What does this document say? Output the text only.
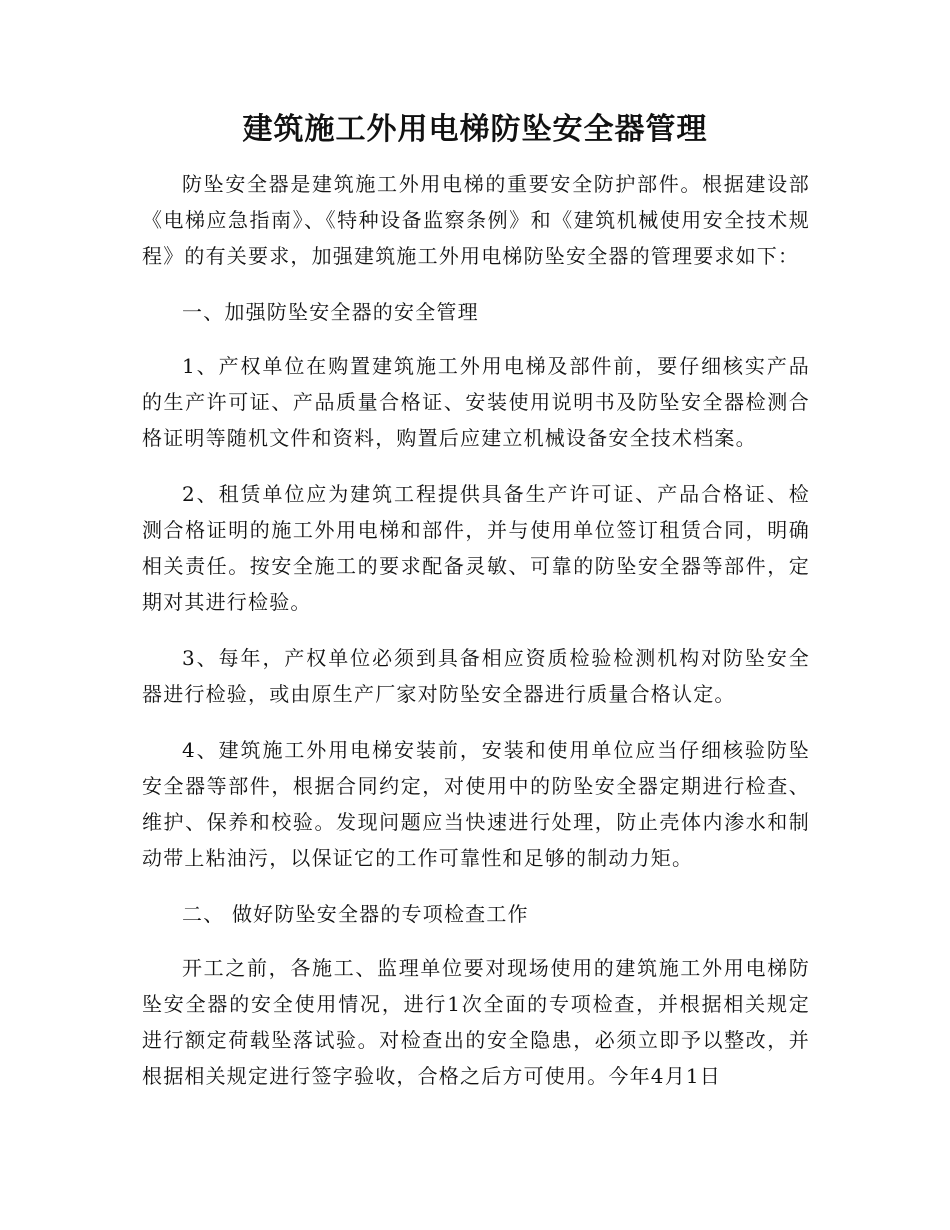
建筑施工外用电梯防坠安全器管理

防坠安全器是建筑施工外用电梯的重要安全防护部件。根据建设部《电梯应急指南》、《特种设备监察条例》和《建筑机械使用安全技术规程》的有关要求，加强建筑施工外用电梯防坠安全器的管理要求如下：

一、加强防坠安全器的安全管理

1、产权单位在购置建筑施工外用电梯及部件前，要仔细核实产品的生产许可证、产品质量合格证、安装使用说明书及防坠安全器检测合格证明等随机文件和资料，购置后应建立机械设备安全技术档案。

2、租赁单位应为建筑工程提供具备生产许可证、产品合格证、检测合格证明的施工外用电梯和部件，并与使用单位签订租赁合同，明确相关责任。按安全施工的要求配备灵敏、可靠的防坠安全器等部件，定期对其进行检验。

3、每年，产权单位必须到具备相应资质检验检测机构对防坠安全器进行检验，或由原生产厂家对防坠安全器进行质量合格认定。

4、建筑施工外用电梯安装前，安装和使用单位应当仔细核验防坠安全器等部件，根据合同约定，对使用中的防坠安全器定期进行检查、维护、保养和校验。发现问题应当快速进行处理，防止壳体内渗水和制动带上粘油污，以保证它的工作可靠性和足够的制动力矩。

二、 做好防坠安全器的专项检查工作

开工之前，各施工、监理单位要对现场使用的建筑施工外用电梯防坠安全器的安全使用情况，进行1次全面的专项检查，并根据相关规定进行额定荷载坠落试验。对检查出的安全隐患，必须立即予以整改，并根据相关规定进行签字验收，合格之后方可使用。今年4月1日
